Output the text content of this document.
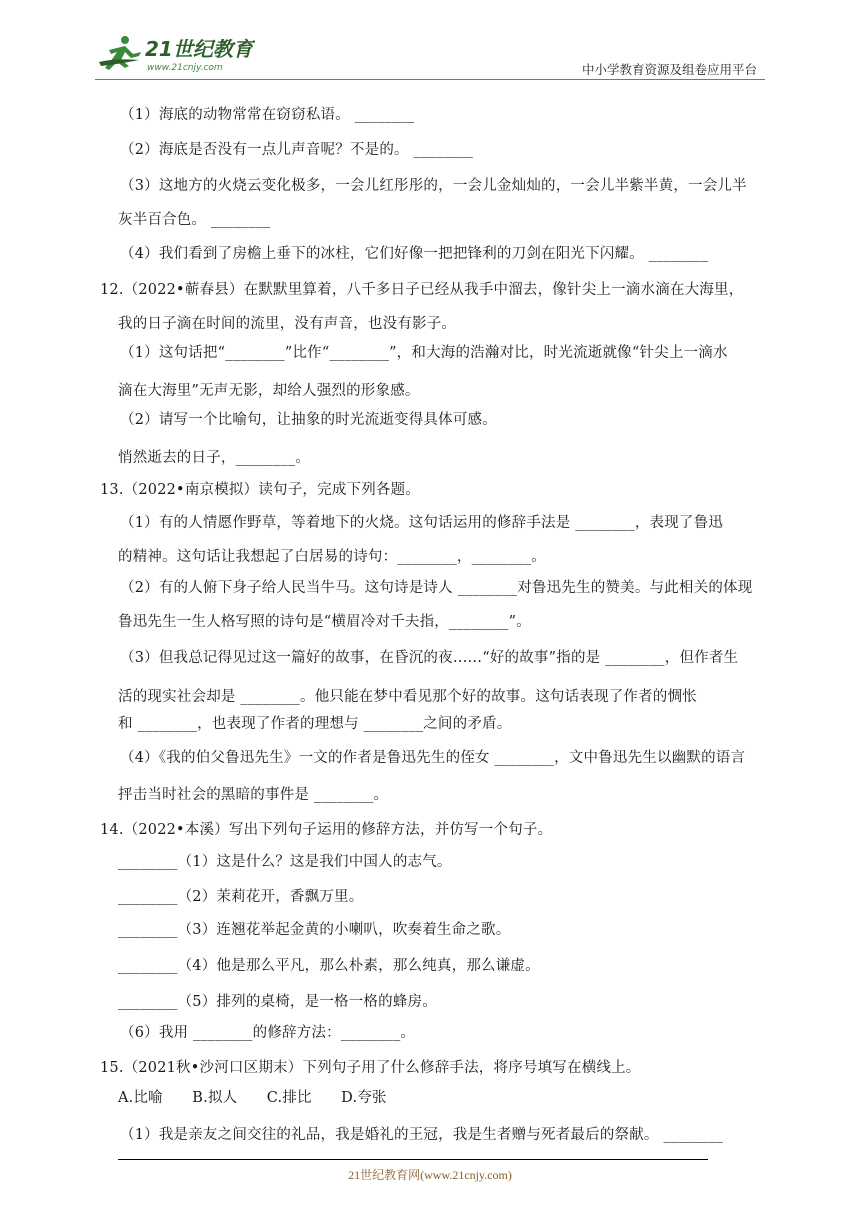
21世纪教育
www.21cnjy.com	中小学教育资源及组卷应用平台
（1）海底的动物常常在窃窃私语。 ________
（2）海底是否没有一点儿声音呢？不是的。 ________
（3）这地方的火烧云变化极多，一会儿红彤彤的，一会儿金灿灿的，一会儿半紫半黄，一会儿半
灰半百合色。 ________
（4）我们看到了房檐上垂下的冰柱，它们好像一把把锋利的刀剑在阳光下闪耀。 ________
12.（2022•蕲春县）在默默里算着，八千多日子已经从我手中溜去，像针尖上一滴水滴在大海里，
我的日子滴在时间的流里，没有声音，也没有影子。
（1）这句话把“________”比作“________”，和大海的浩瀚对比，时光流逝就像“针尖上一滴水
滴在大海里”无声无影，却给人强烈的形象感。
（2）请写一个比喻句，让抽象的时光流逝变得具体可感。
悄然逝去的日子，________。
13.（2022•南京模拟）读句子，完成下列各题。
（1）有的人情愿作野草，等着地下的火烧。这句话运用的修辞手法是 ________，表现了鲁迅
的精神。这句话让我想起了白居易的诗句：________，________。
（2）有的人俯下身子给人民当牛马。这句诗是诗人 ________对鲁迅先生的赞美。与此相关的体现
鲁迅先生一生人格写照的诗句是“横眉冷对千夫指，________”。
（3）但我总记得见过这一篇好的故事，在昏沉的夜……“好的故事”指的是 ________，但作者生
活的现实社会却是 ________。他只能在梦中看见那个好的故事。这句话表现了作者的惆怅
和 ________，也表现了作者的理想与 ________之间的矛盾。
（4）《我的伯父鲁迅先生》一文的作者是鲁迅先生的侄女 ________，文中鲁迅先生以幽默的语言
抨击当时社会的黑暗的事件是 ________。
14.（2022•本溪）写出下列句子运用的修辞方法，并仿写一个句子。
________（1）这是什么？这是我们中国人的志气。
________（2）茉莉花开，香飘万里。
________（3）连翘花举起金黄的小喇叭，吹奏着生命之歌。
________（4）他是那么平凡，那么朴素，那么纯真，那么谦虚。
________（5）排列的桌椅，是一格一格的蜂房。
（6）我用 ________的修辞方法：________。
15.（2021秋•沙河口区期末）下列句子用了什么修辞手法，将序号填写在横线上。
A.比喻　　B.拟人　　C.排比　　D.夸张
（1）我是亲友之间交往的礼品，我是婚礼的王冠，我是生者赠与死者最后的祭献。 ________
21世纪教育网(www.21cnjy.com)
